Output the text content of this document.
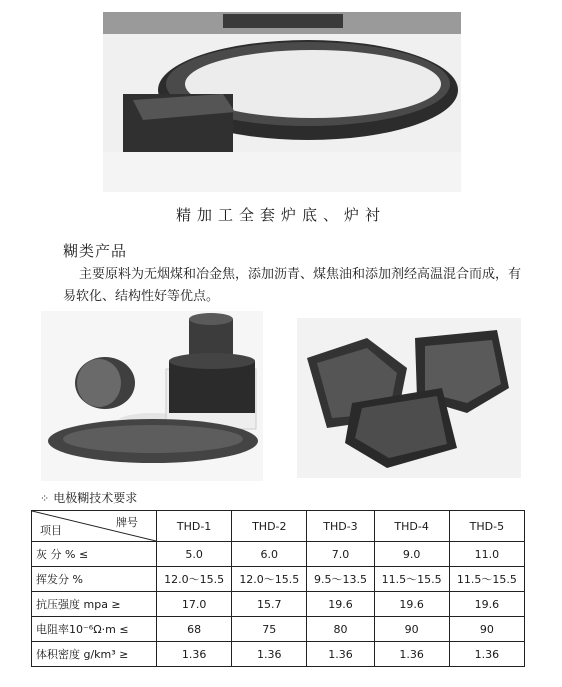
精加工全套炉底、炉衬
糊类产品
主要原料为无烟煤和冶金焦，添加沥青、煤焦油和添加剂经高温混合而成，有易软化、结构性好等优点。
⁘ 电极糊技术要求
牌号
项目	THD-1	THD-2	THD-3	THD-4	THD-5
灰 分 % ≤	5.0	6.0	7.0	9.0	11.0
挥发分 %	12.0～15.5	12.0～15.5	9.5～13.5	11.5～15.5	11.5～15.5
抗压强度 mpa ≥	17.0	15.7	19.6	19.6	19.6
电阻率10⁻⁶Ω·m ≤	68	75	80	90	90
体积密度 g/km³ ≥	1.36	1.36	1.36	1.36	1.36
